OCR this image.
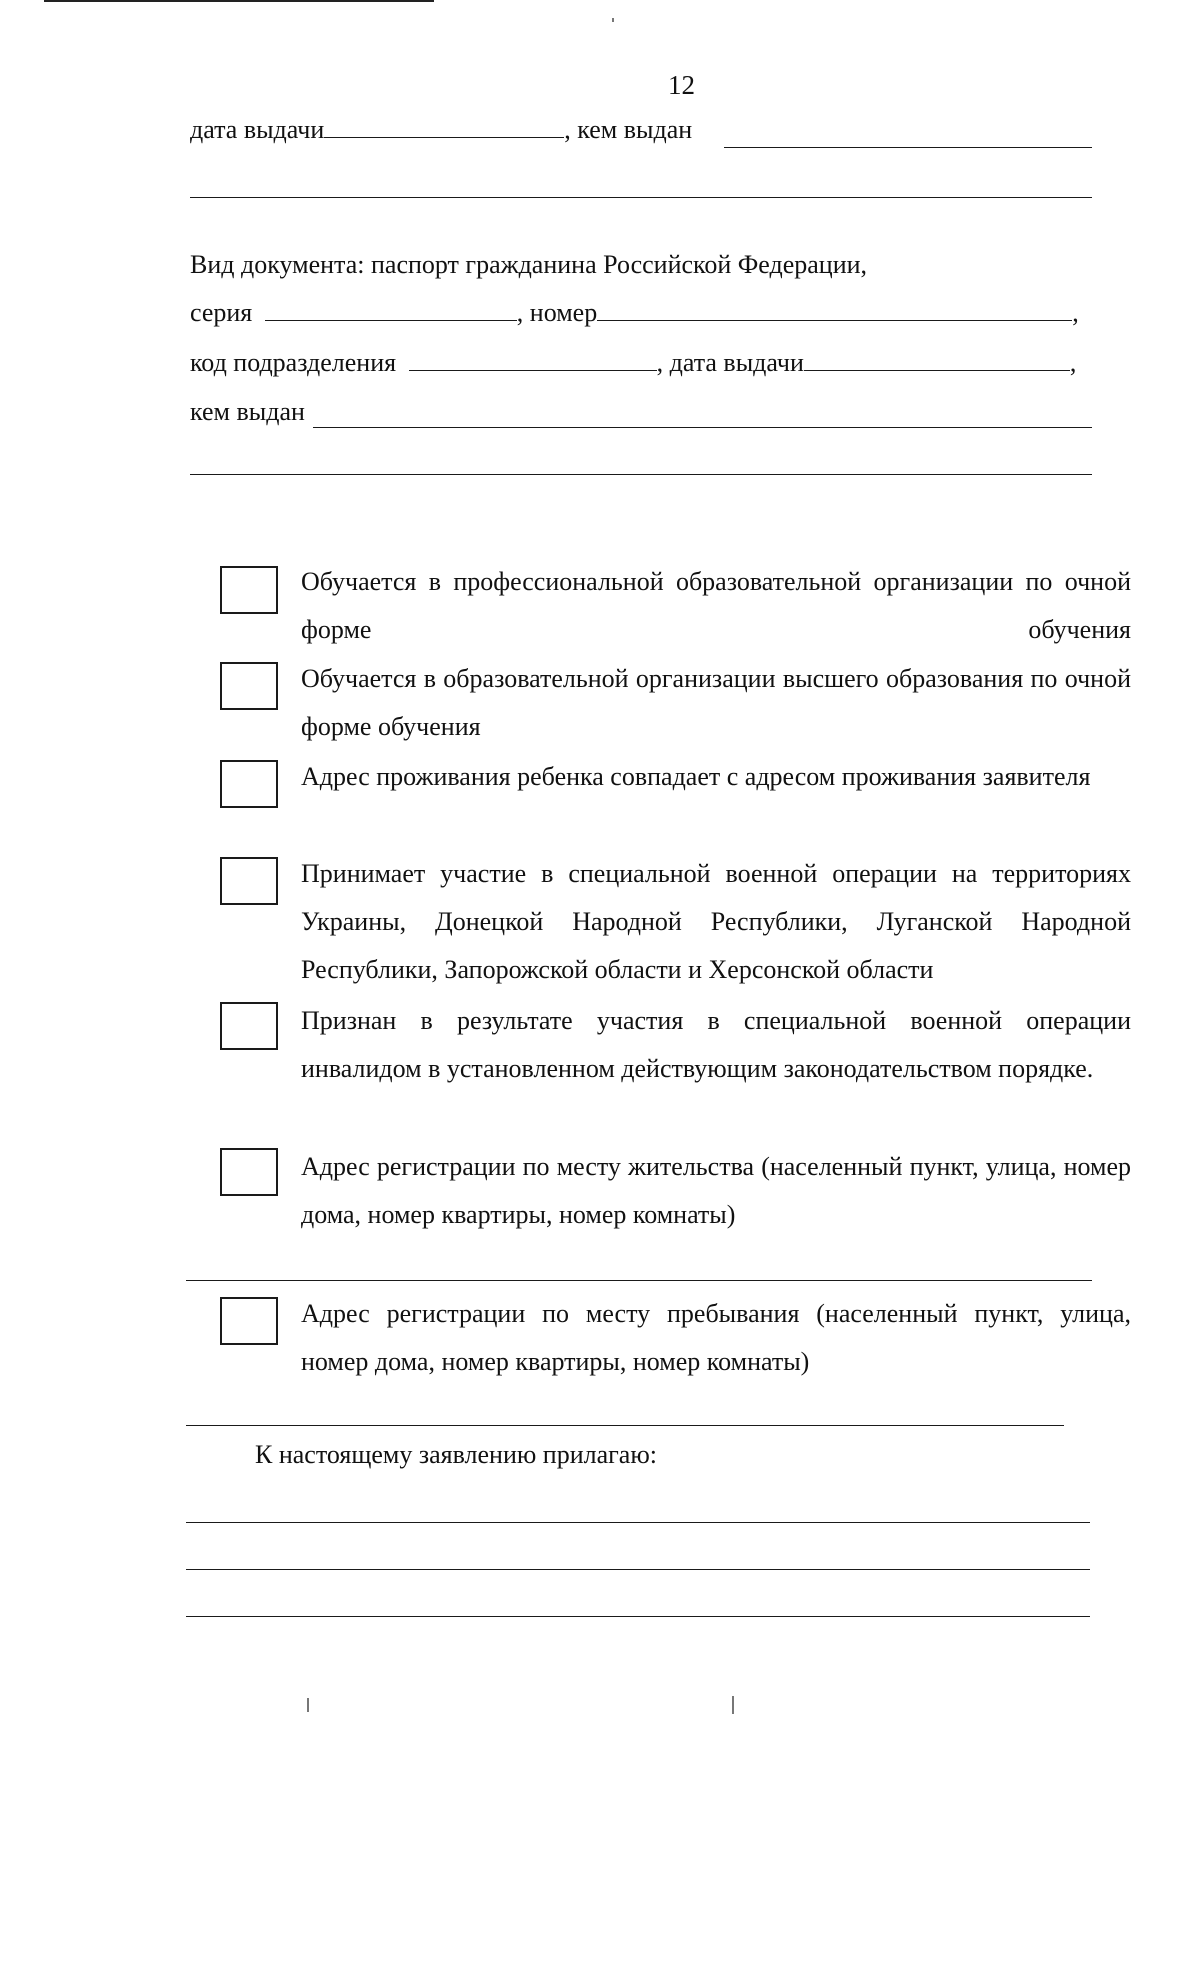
12
дата выдачи	, кем выдан
Вид документа: паспорт гражданина Российской Федерации,
серия	, номер	,
код подразделения	, дата выдачи	,
кем выдан
Обучается в профессиональной образовательной организации по очной форме обучения
Обучается в образовательной организации высшего образования по очной форме обучения
Адрес проживания ребенка совпадает с адресом проживания заявителя
Принимает участие в специальной военной операции на территориях Украины, Донецкой Народной Республики, Луганской Народной Республики, Запорожской области и Херсонской области
Признан в результате участия в специальной военной операции инвалидом в установленном действующим законодательством порядке.
Адрес регистрации по месту жительства (населенный пункт, улица, номер дома, номер квартиры, номер комнаты)
Адрес регистрации по месту пребывания (населенный пункт, улица, номер дома, номер квартиры, номер комнаты)
К настоящему заявлению прилагаю:
